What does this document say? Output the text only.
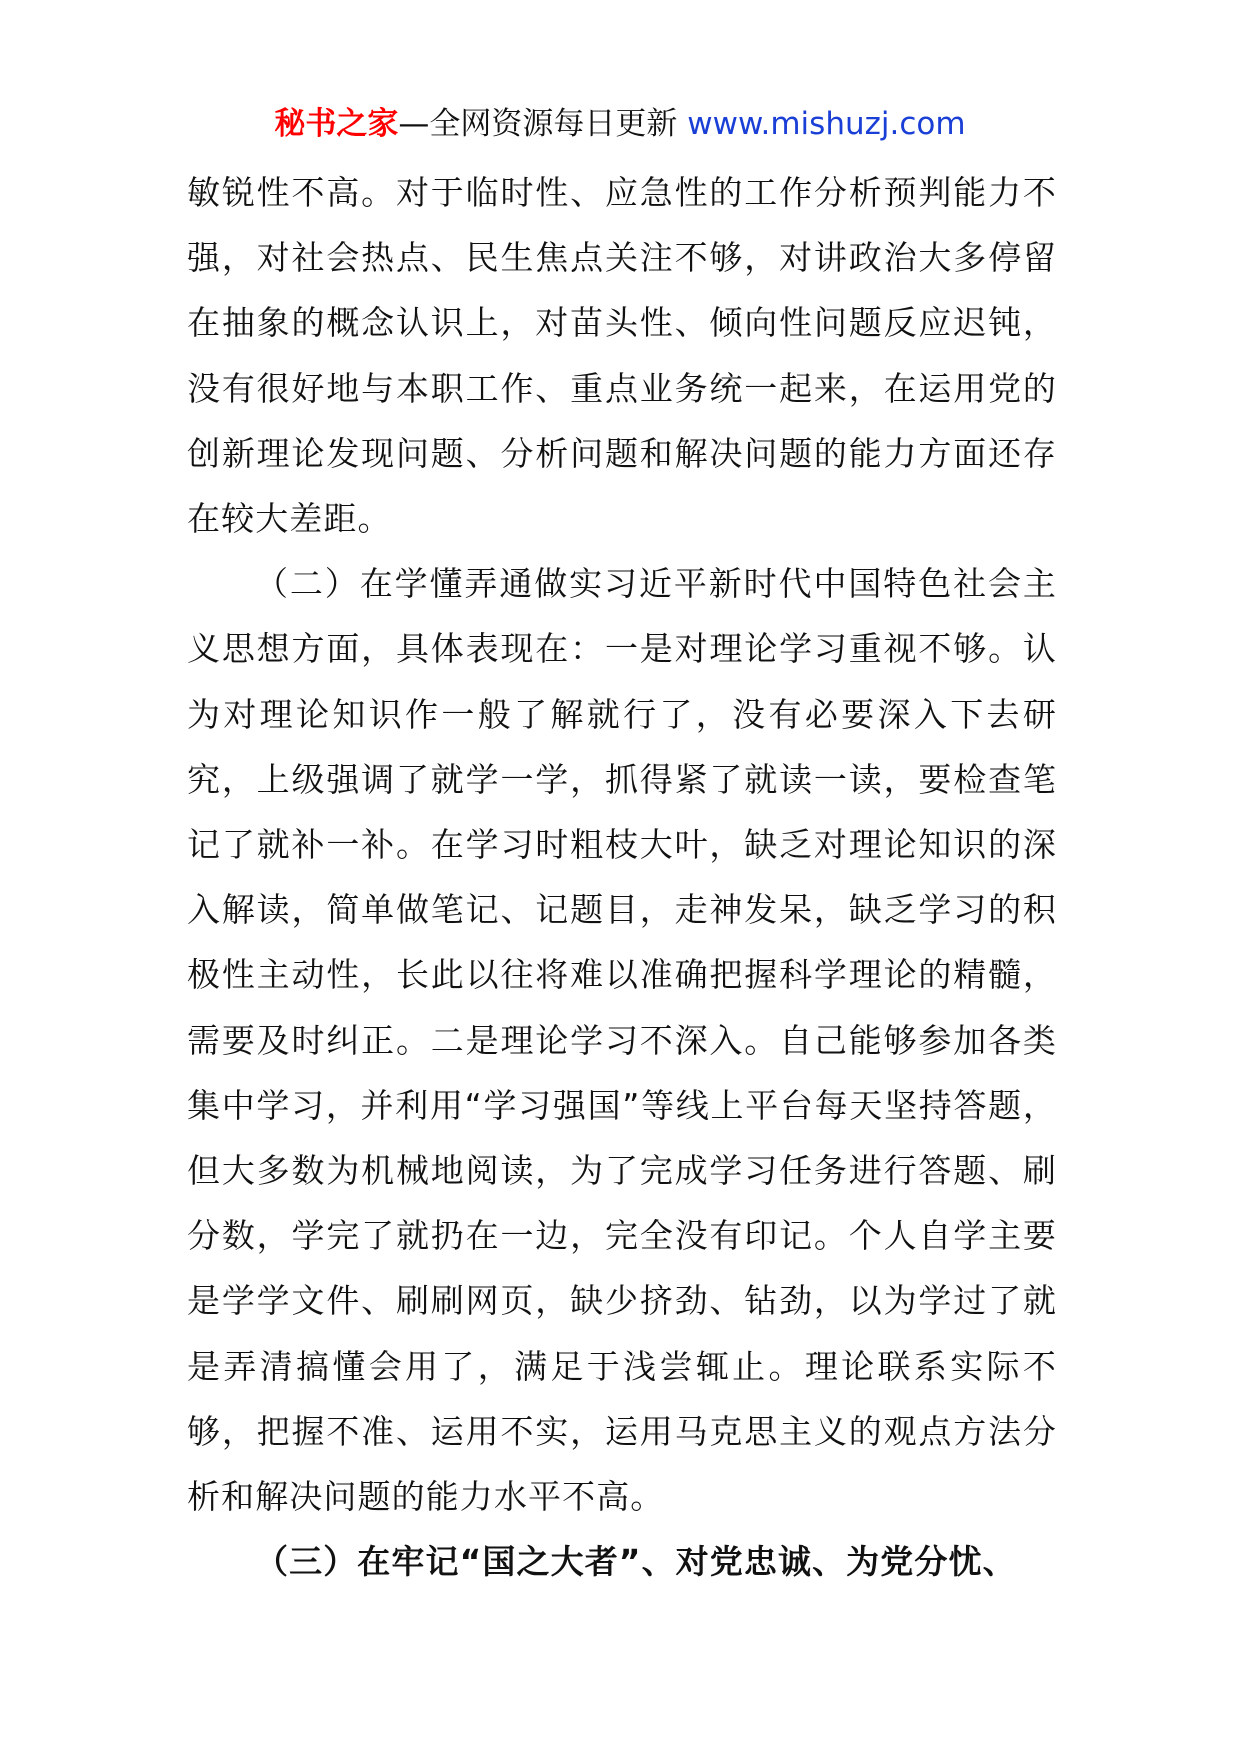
秘书之家—全网资源每日更新 www.mishuzj.com

敏锐性不高。对于临时性、应急性的工作分析预判能力不强，对社会热点、民生焦点关注不够，对讲政治大多停留在抽象的概念认识上，对苗头性、倾向性问题反应迟钝，没有很好地与本职工作、重点业务统一起来，在运用党的创新理论发现问题、分析问题和解决问题的能力方面还存在较大差距。

（二）在学懂弄通做实习近平新时代中国特色社会主义思想方面，具体表现在：一是对理论学习重视不够。认为对理论知识作一般了解就行了，没有必要深入下去研究，上级强调了就学一学，抓得紧了就读一读，要检查笔记了就补一补。在学习时粗枝大叶，缺乏对理论知识的深入解读，简单做笔记、记题目，走神发呆，缺乏学习的积极性主动性，长此以往将难以准确把握科学理论的精髓，需要及时纠正。二是理论学习不深入。自己能够参加各类集中学习，并利用“学习强国”等线上平台每天坚持答题，但大多数为机械地阅读，为了完成学习任务进行答题、刷分数，学完了就扔在一边，完全没有印记。个人自学主要是学学文件、刷刷网页，缺少挤劲、钻劲，以为学过了就是弄清搞懂会用了，满足于浅尝辄止。理论联系实际不够，把握不准、运用不实，运用马克思主义的观点方法分析和解决问题的能力水平不高。

（三）在牢记“国之大者”、对党忠诚、为党分忧、
